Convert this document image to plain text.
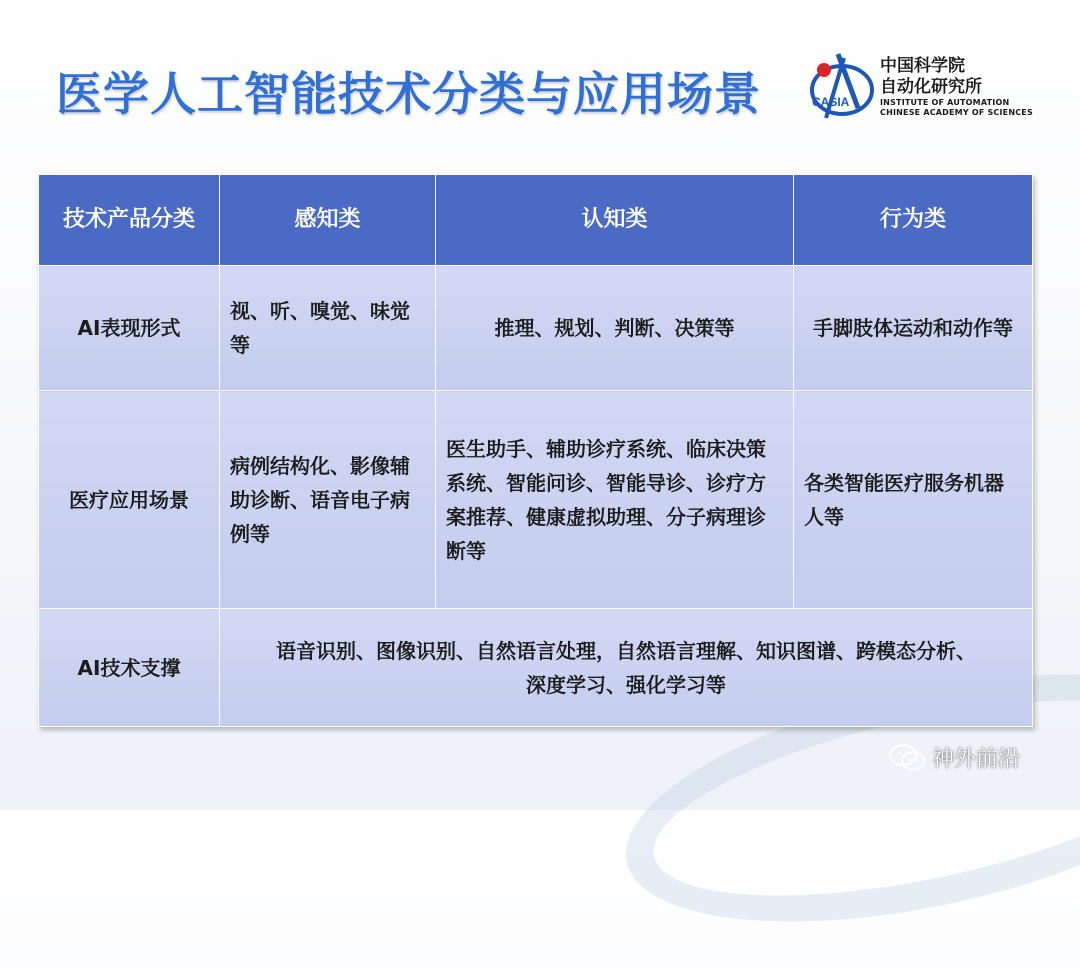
医学人工智能技术分类与应用场景	CASIA
中国科学院
自动化研究所
INSTITUTE OF AUTOMATION
CHINESE ACADEMY OF SCIENCES
技术产品分类	感知类	认知类	行为类
AI表现形式	视、听、嗅觉、味觉等	推理、规划、判断、决策等	手脚肢体运动和动作等
医疗应用场景	病例结构化、影像辅助诊断、语音电子病例等	医生助手、辅助诊疗系统、临床决策系统、智能问诊、智能导诊、诊疗方案推荐、健康虚拟助理、分子病理诊断等	各类智能医疗服务机器人等
AI技术支撑	语音识别、图像识别、自然语言处理，自然语言理解、知识图谱、跨模态分析、深度学习、强化学习等		
神外前沿
